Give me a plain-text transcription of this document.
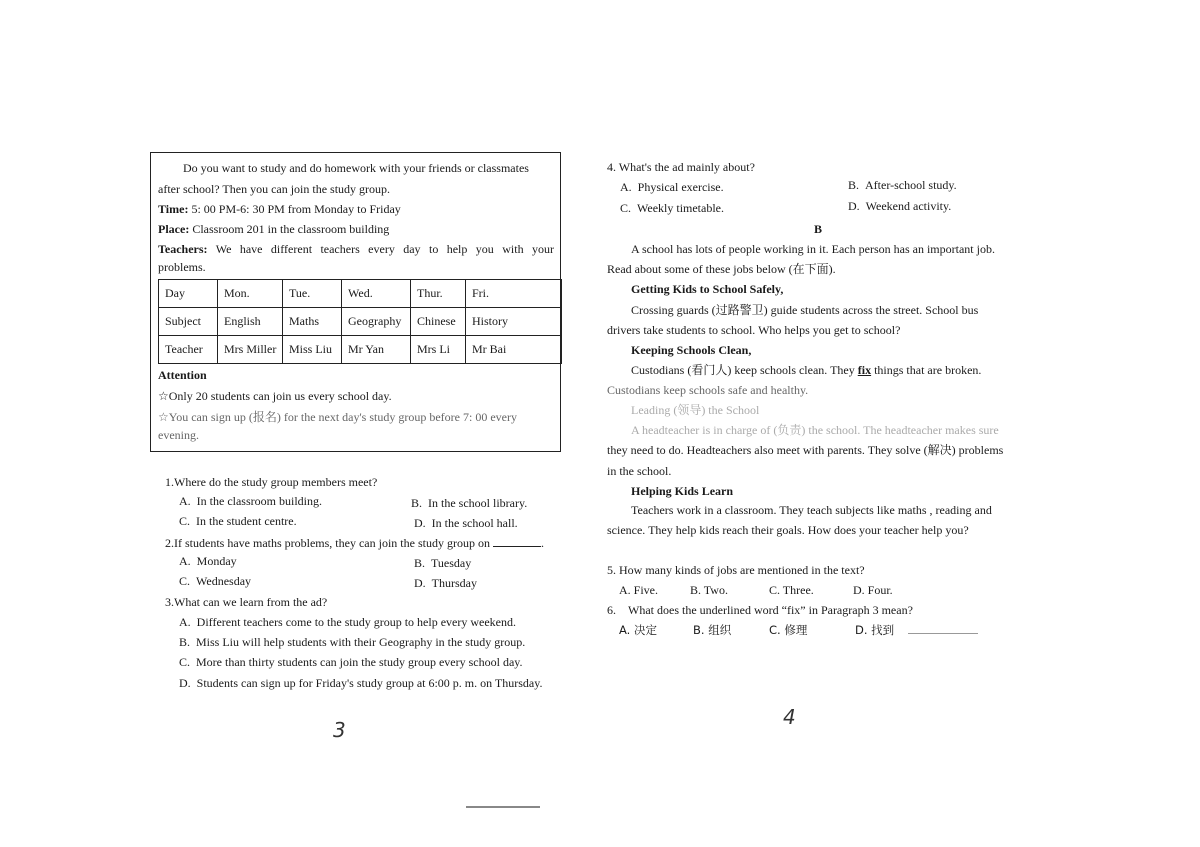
Do you want to study and do homework with your friends or classmates
after school? Then you can join the study group.
Time: 5: 00 PM-6: 30 PM from Monday to Friday
Place: Classroom 201 in the classroom building
Teachers: We have different teachers every day to help you with your
problems.
Day	Mon.	Tue.	Wed.	Thur.	Fri.
Subject	English	Maths	Geography	Chinese	History
Teacher	Mrs Miller	Miss Liu	Mr Yan	Mrs Li	Mr Bai
Attention
☆Only 20 students can join us every school day.
☆You can sign up (报名) for the next day's study group before 7: 00 every
evening.
1.Where do the study group members meet?
A. In the classroom building.	B. In the school library.
C. In the student centre.	D. In the school hall.
2.If students have maths problems, they can join the study group on	.
A. Monday	B. Tuesday
C. Wednesday	D. Thursday
3.What can we learn from the ad?
A. Different teachers come to the study group to help every weekend.
B. Miss Liu will help students with their Geography in the study group.
C. More than thirty students can join the study group every school day.
D. Students can sign up for Friday's study group at 6:00 p. m. on Thursday.
3
4. What's the ad mainly about?
A. Physical exercise.	B. After-school study.
C. Weekly timetable.	D. Weekend activity.
B
A school has lots of people working in it. Each person has an important job.
Read about some of these jobs below (在下面).
Getting Kids to School Safely,
Crossing guards (过路警卫) guide students across the street. School bus
drivers take students to school. Who helps you get to school?
Keeping Schools Clean,
Custodians (看门人) keep schools clean. They fix things that are broken.
Custodians keep schools safe and healthy.
Leading (领导) the School
A headteacher is in charge of (负责) the school. The headteacher makes sure
they need to do. Headteachers also meet with parents. They solve (解决) problems
in the school.
Helping Kids Learn
Teachers work in a classroom. They teach subjects like maths , reading and
science. They help kids reach their goals. How does your teacher help you?
5. How many kinds of jobs are mentioned in the text?
A. Five.	B. Two.	C. Three.	D. Four.
6. What does the underlined word “fix” in Paragraph 3 mean?
A. 决定	B. 组织	C. 修理	D. 找到
4
